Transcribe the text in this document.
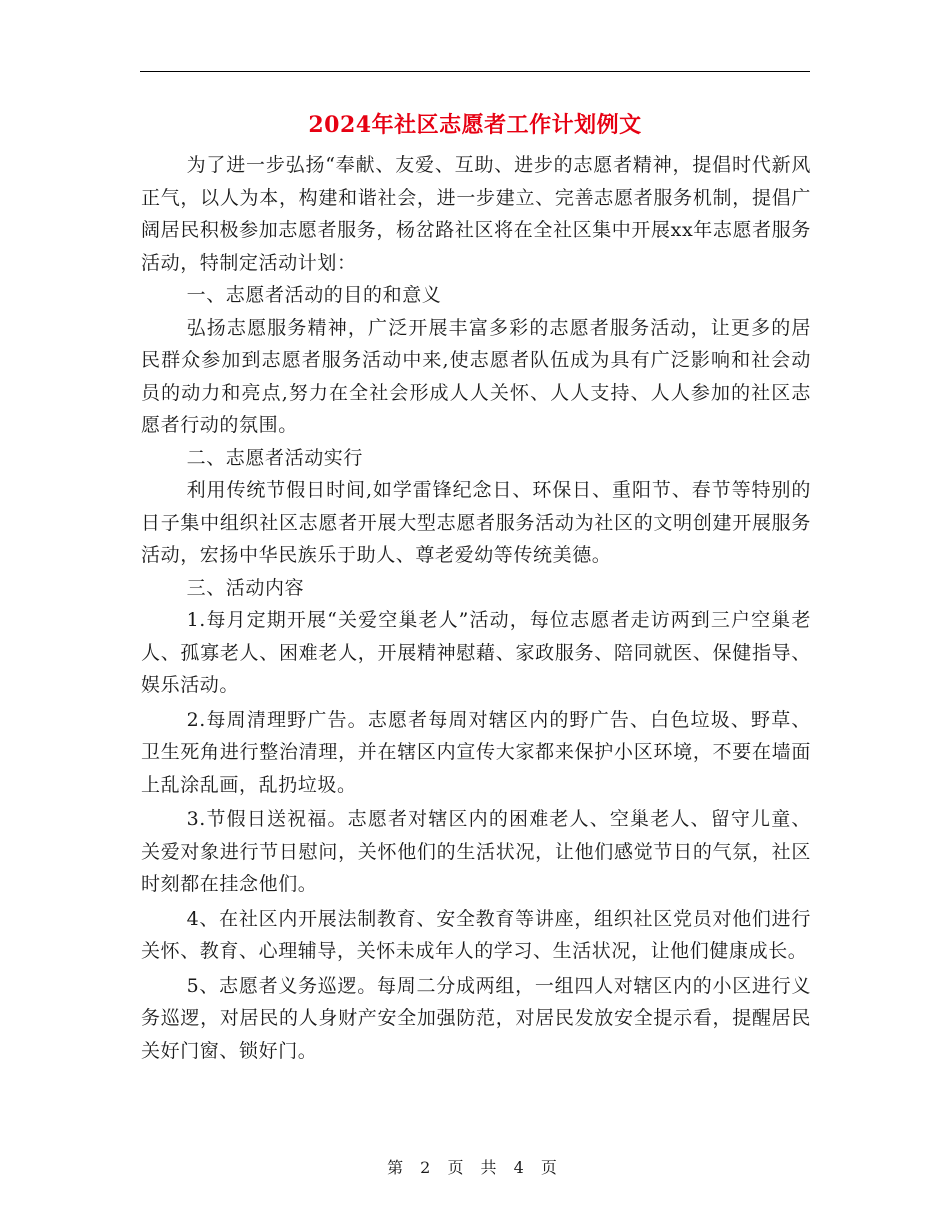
2024年社区志愿者工作计划例文

为了进一步弘扬“奉献、友爱、互助、进步的志愿者精神，提倡时代新风正气，以人为本，构建和谐社会，进一步建立、完善志愿者服务机制，提倡广阔居民积极参加志愿者服务，杨岔路社区将在全社区集中开展xx年志愿者服务活动，特制定活动计划：

一、志愿者活动的目的和意义

弘扬志愿服务精神，广泛开展丰富多彩的志愿者服务活动，让更多的居民群众参加到志愿者服务活动中来,使志愿者队伍成为具有广泛影响和社会动员的动力和亮点,努力在全社会形成人人关怀、人人支持、人人参加的社区志愿者行动的氛围。

二、志愿者活动实行

利用传统节假日时间,如学雷锋纪念日、环保日、重阳节、春节等特别的日子集中组织社区志愿者开展大型志愿者服务活动为社区的文明创建开展服务活动，宏扬中华民族乐于助人、尊老爱幼等传统美德。

三、活动内容

1.每月定期开展“关爱空巢老人”活动，每位志愿者走访两到三户空巢老人、孤寡老人、困难老人，开展精神慰藉、家政服务、陪同就医、保健指导、娱乐活动。

2.每周清理野广告。志愿者每周对辖区内的野广告、白色垃圾、野草、卫生死角进行整治清理，并在辖区内宣传大家都来保护小区环境，不要在墙面上乱涂乱画，乱扔垃圾。

3.节假日送祝福。志愿者对辖区内的困难老人、空巢老人、留守儿童、关爱对象进行节日慰问，关怀他们的生活状况，让他们感觉节日的气氛，社区时刻都在挂念他们。

4、在社区内开展法制教育、安全教育等讲座，组织社区党员对他们进行关怀、教育、心理辅导，关怀未成年人的学习、生活状况，让他们健康成长。

5、志愿者义务巡逻。每周二分成两组，一组四人对辖区内的小区进行义务巡逻，对居民的人身财产安全加强防范，对居民发放安全提示看，提醒居民关好门窗、锁好门。

第 2 页 共 4 页
